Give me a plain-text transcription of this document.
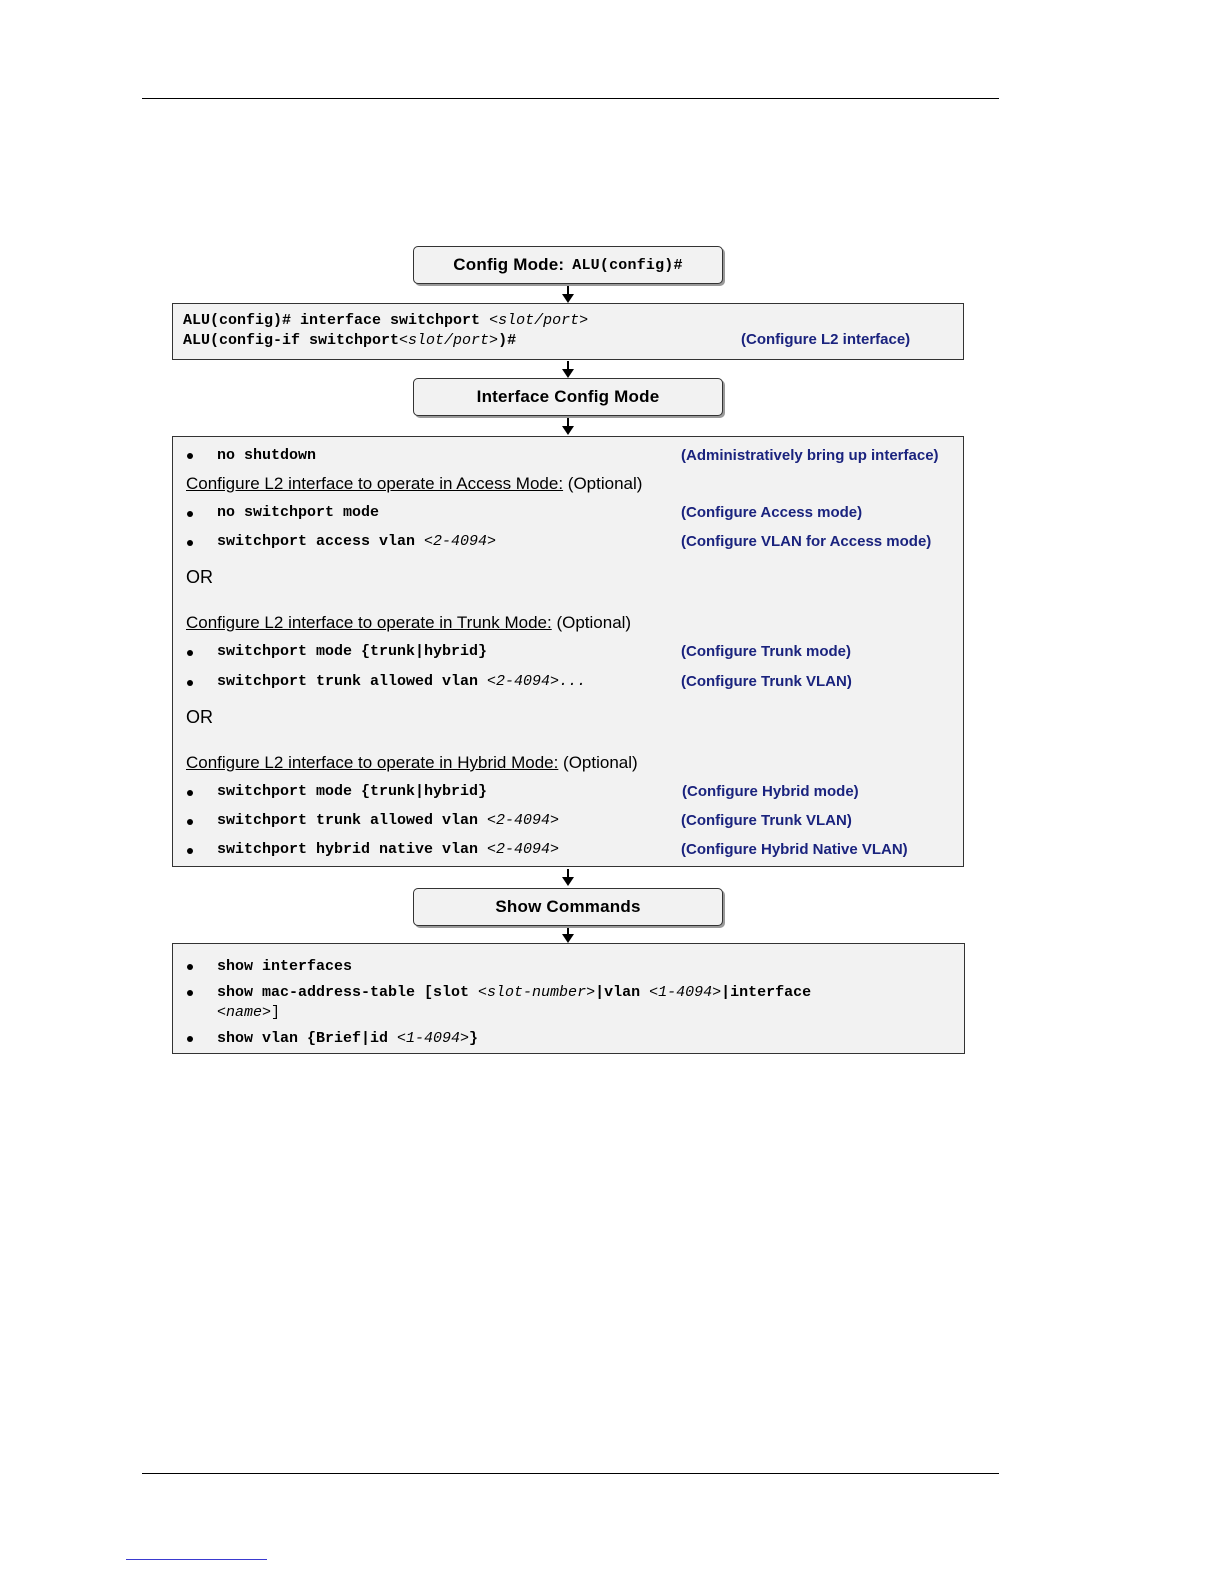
Config Mode: ALU(config)#
ALU(config)# interface switchport <slot/port>
ALU(config-if switchport<slot/port>)#	(Configure L2 interface)
Interface Config Mode
no shutdown	(Administratively bring up interface)
Configure L2 interface to operate in Access Mode: (Optional)
no switchport mode	(Configure Access mode)
switchport access vlan <2-4094>	(Configure VLAN for Access mode)
OR
Configure L2 interface to operate in Trunk Mode: (Optional)
switchport mode {trunk|hybrid}	(Configure Trunk mode)
switchport trunk allowed vlan <2-4094>...	(Configure Trunk VLAN)
OR
Configure L2 interface to operate in Hybrid Mode: (Optional)
switchport mode {trunk|hybrid}	(Configure Hybrid mode)
switchport trunk allowed vlan <2-4094>	(Configure Trunk VLAN)
switchport hybrid native vlan <2-4094>	(Configure Hybrid Native VLAN)
Show Commands
show interfaces
show mac-address-table [slot <slot-number>|vlan <1-4094>|interface
<name>]
show vlan {Brief|id <1-4094>}
